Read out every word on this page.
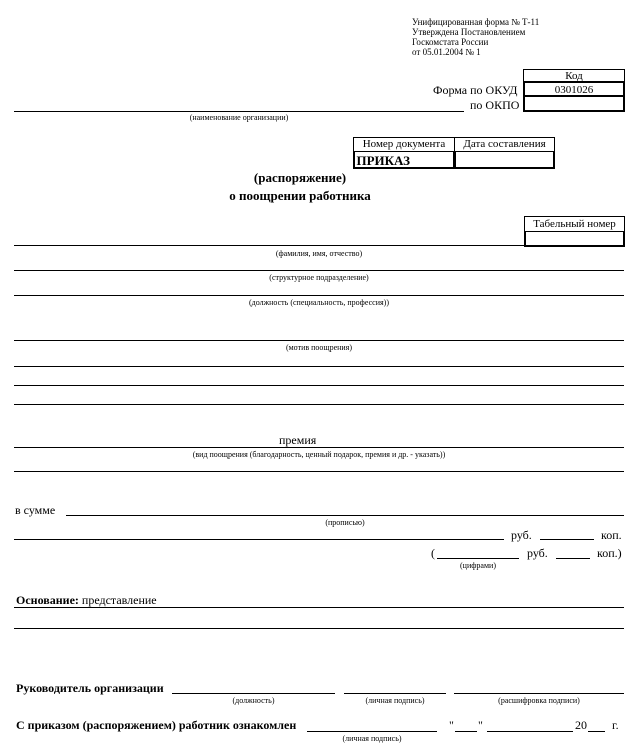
Унифицированная форма № Т-11
Утверждена Постановлением
Госкомстата России
от 05.01.2004 № 1
Код
0301026
Форма по ОКУД
по ОКПО
(наименование организации)
Номер документа	Дата составления
ПРИКАЗ
(распоряжение)
о поощрении работника
Табельный номер
(фамилия, имя, отчество)
(структурное подразделение)
(должность (специальность, профессия))
(мотив поощрения)
премия
(вид поощрения (благодарность, ценный подарок, премия и др. - указать))
в сумме
(прописью)
руб.	коп.
(	руб.	коп.)
(цифрами)
Основание: представление
Руководитель организации
(должность)	(личная подпись)	(расшифровка подписи)
С приказом (распоряжением) работник ознакомлен
(личная подпись)
" "	20 г.
